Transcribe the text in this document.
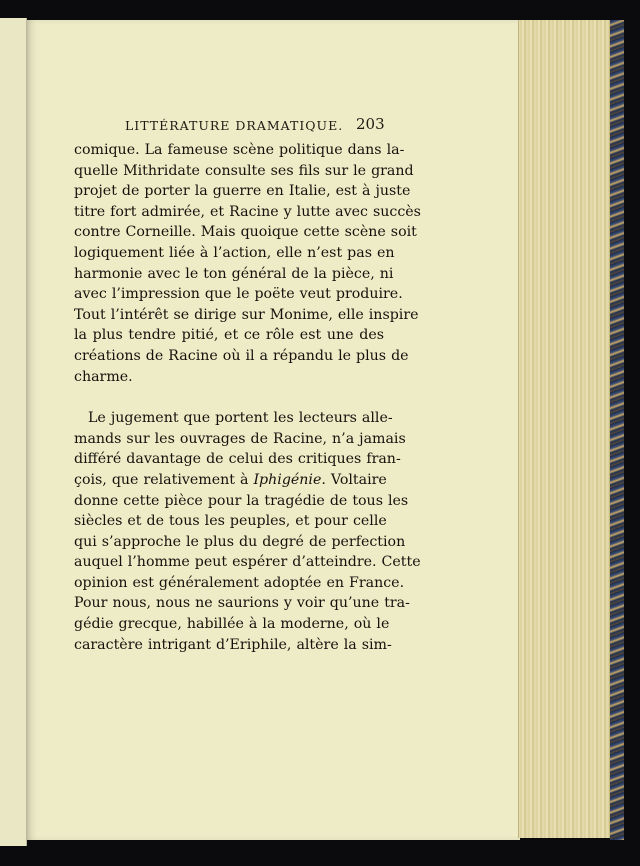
LITTÉRATURE DRAMATIQUE. 203
comique. La fameuse scène politique dans la-
quelle Mithridate consulte ses fils sur le grand
projet de porter la guerre en Italie, est à juste
titre fort admirée, et Racine y lutte avec succès
contre Corneille. Mais quoique cette scène soit
logiquement liée à l’action, elle n’est pas en
harmonie avec le ton général de la pièce, ni
avec l’impression que le poëte veut produire.
Tout l’intérêt se dirige sur Monime, elle inspire
la plus tendre pitié, et ce rôle est une des
créations de Racine où il a répandu le plus de
charme.
Le jugement que portent les lecteurs alle-
mands sur les ouvrages de Racine, n’a jamais
différé davantage de celui des critiques fran-
çois, que relativement à Iphigénie. Voltaire
donne cette pièce pour la tragédie de tous les
siècles et de tous les peuples, et pour celle
qui s’approche le plus du degré de perfection
auquel l’homme peut espérer d’atteindre. Cette
opinion est généralement adoptée en France.
Pour nous, nous ne saurions y voir qu’une tra-
gédie grecque, habillée à la moderne, où le
caractère intrigant d’Eriphile, altère la sim-
